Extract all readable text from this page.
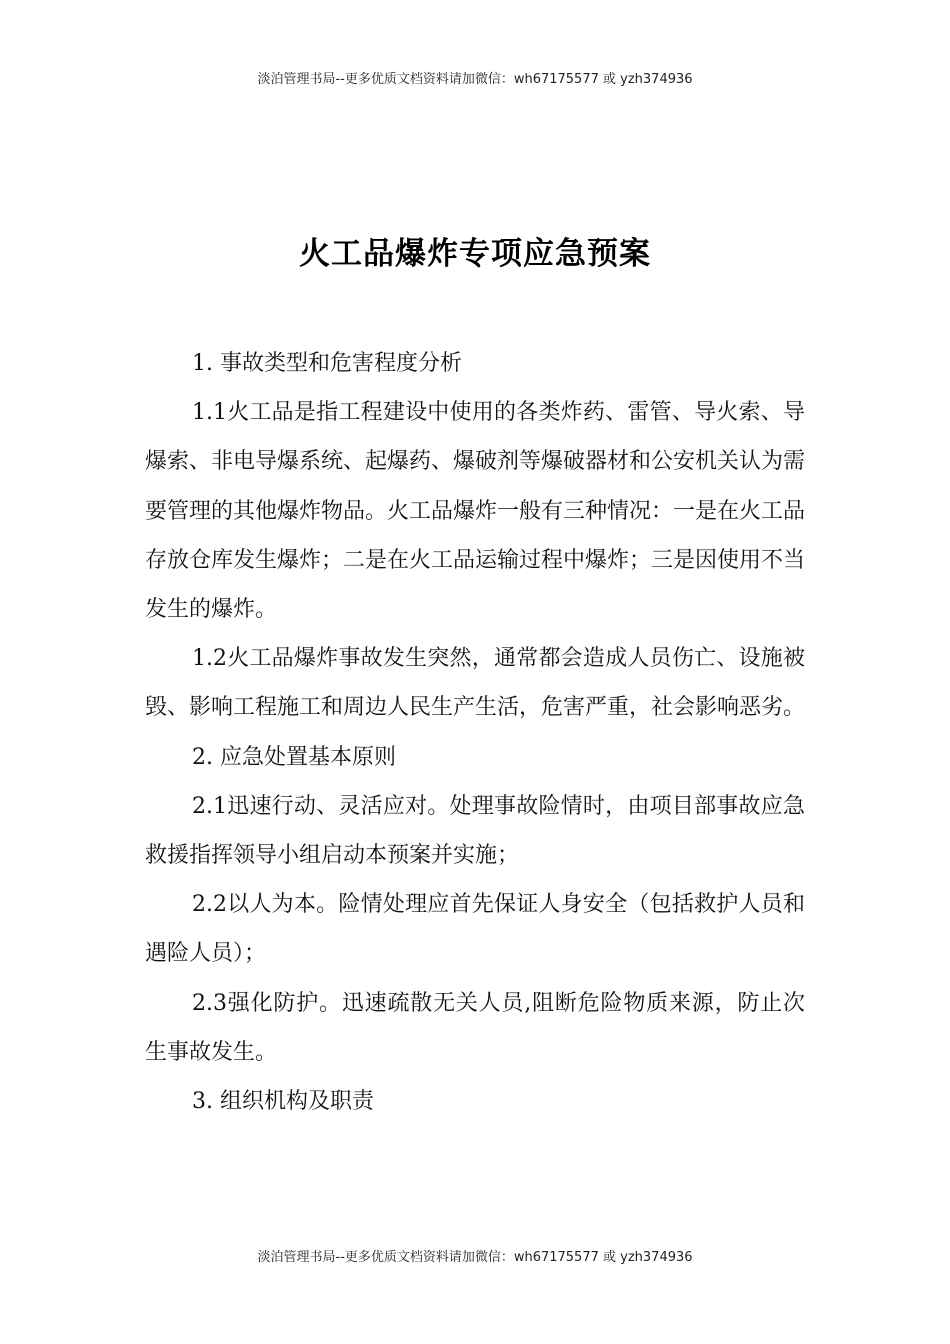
淡泊管理书局--更多优质文档资料请加微信：wh67175577 或 yzh374936
火工品爆炸专项应急预案

1. 事故类型和危害程度分析

1.1火工品是指工程建设中使用的各类炸药、雷管、导火索、导爆索、非电导爆系统、起爆药、爆破剂等爆破器材和公安机关认为需要管理的其他爆炸物品。火工品爆炸一般有三种情况：一是在火工品存放仓库发生爆炸；二是在火工品运输过程中爆炸；三是因使用不当发生的爆炸。

1.2火工品爆炸事故发生突然，通常都会造成人员伤亡、设施被毁、影响工程施工和周边人民生产生活，危害严重，社会影响恶劣。

2. 应急处置基本原则

2.1迅速行动、灵活应对。处理事故险情时，由项目部事故应急救援指挥领导小组启动本预案并实施；

2.2以人为本。险情处理应首先保证人身安全（包括救护人员和遇险人员）；

2.3强化防护。迅速疏散无关人员,阻断危险物质来源，防止次生事故发生。

3. 组织机构及职责

淡泊管理书局--更多优质文档资料请加微信：wh67175577 或 yzh374936
